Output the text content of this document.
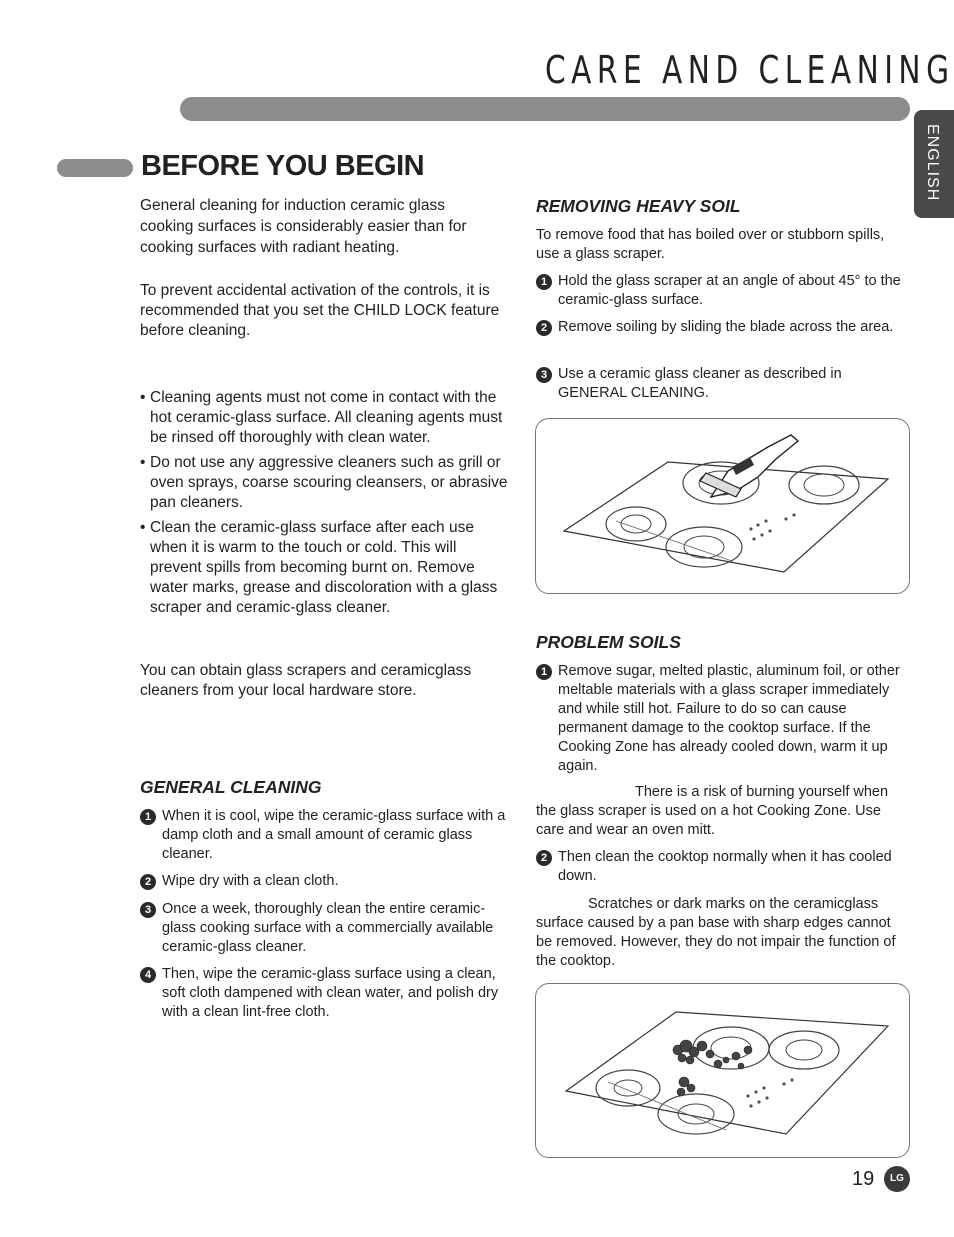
CARE AND CLEANING
ENGLISH
BEFORE YOU BEGIN
General cleaning for induction ceramic glass cooking surfaces is considerably easier than for cooking surfaces with radiant heating.
To prevent accidental activation of the controls, it is recommended that you set the CHILD LOCK feature before cleaning.
• Cleaning agents must not come in contact with the hot ceramic-glass surface. All cleaning agents must be rinsed off thoroughly with clean water.
• Do not use any aggressive cleaners such as grill or oven sprays, coarse scouring cleansers, or abrasive pan cleaners.
• Clean the ceramic-glass surface after each use when it is warm to the touch or cold. This will prevent spills from becoming burnt on. Remove water marks, grease and discoloration with a glass scraper and ceramic-glass cleaner.
You can obtain glass scrapers and ceramicglass cleaners from your local hardware store.
GENERAL CLEANING
1 When it is cool, wipe the ceramic-glass surface with a damp cloth and a small amount of ceramic glass cleaner.
2 Wipe dry with a clean cloth.
3 Once a week, thoroughly clean the entire ceramic-glass cooking surface with a commercially available ceramic-glass cleaner.
4 Then, wipe the ceramic-glass surface using a clean, soft cloth dampened with clean water, and polish dry with a clean lint-free cloth.
REMOVING HEAVY SOIL
To remove food that has boiled over or stubborn spills, use a glass scraper.
1 Hold the glass scraper at an angle of about 45° to the ceramic-glass surface.
2 Remove soiling by sliding the blade across the area.
3 Use a ceramic glass cleaner as described in GENERAL CLEANING.
PROBLEM SOILS
1 Remove sugar, melted plastic, aluminum foil, or other meltable materials with a glass scraper immediately and while still hot. Failure to do so can cause permanent damage to the cooktop surface. If the Cooking Zone has already cooled down, warm it up again.
There is a risk of burning yourself when the glass scraper is used on a hot Cooking Zone. Use care and wear an oven mitt.
2 Then clean the cooktop normally when it has cooled down.
Scratches or dark marks on the ceramicglass surface caused by a pan base with sharp edges cannot be removed. However, they do not impair the function of the cooktop.
19	LG
